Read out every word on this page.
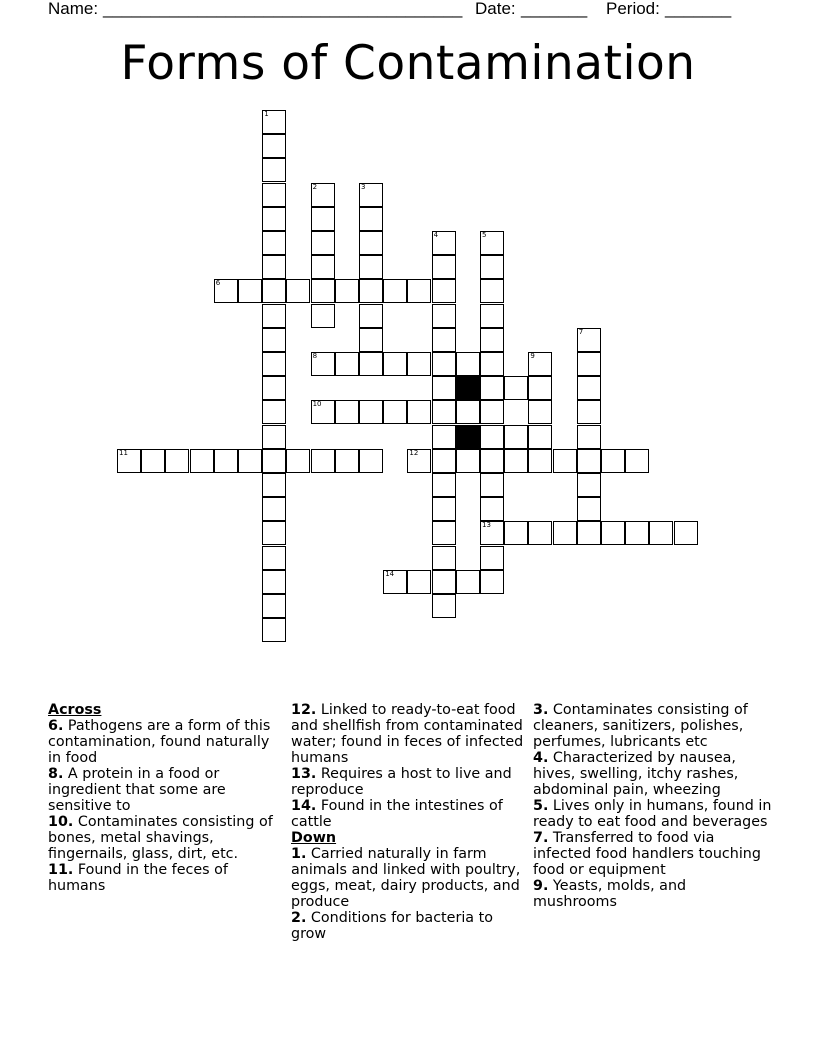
Name: ______________________________________ Date: _______ Period: _______
Forms of Contamination
1
2	3
4	5
13
6
7
8	9
10
11	12
14
Across
6. Pathogens are a form of this contamination, found naturally in food
8. A protein in a food or ingredient that some are sensitive to
10. Contaminates consisting of bones, metal shavings, fingernails, glass, dirt, etc.
11. Found in the feces of humans
12. Linked to ready-to-eat food and shellfish from contaminated water; found in feces of infected humans
13. Requires a host to live and reproduce
14. Found in the intestines of cattle
Down
1. Carried naturally in farm animals and linked with poultry, eggs, meat, dairy products, and produce
2. Conditions for bacteria to grow
3. Contaminates consisting of cleaners, sanitizers, polishes, perfumes, lubricants etc
4. Characterized by nausea, hives, swelling, itchy rashes, abdominal pain, wheezing
5. Lives only in humans, found in ready to eat food and beverages
7. Transferred to food via infected food handlers touching food or equipment
9. Yeasts, molds, and mushrooms
